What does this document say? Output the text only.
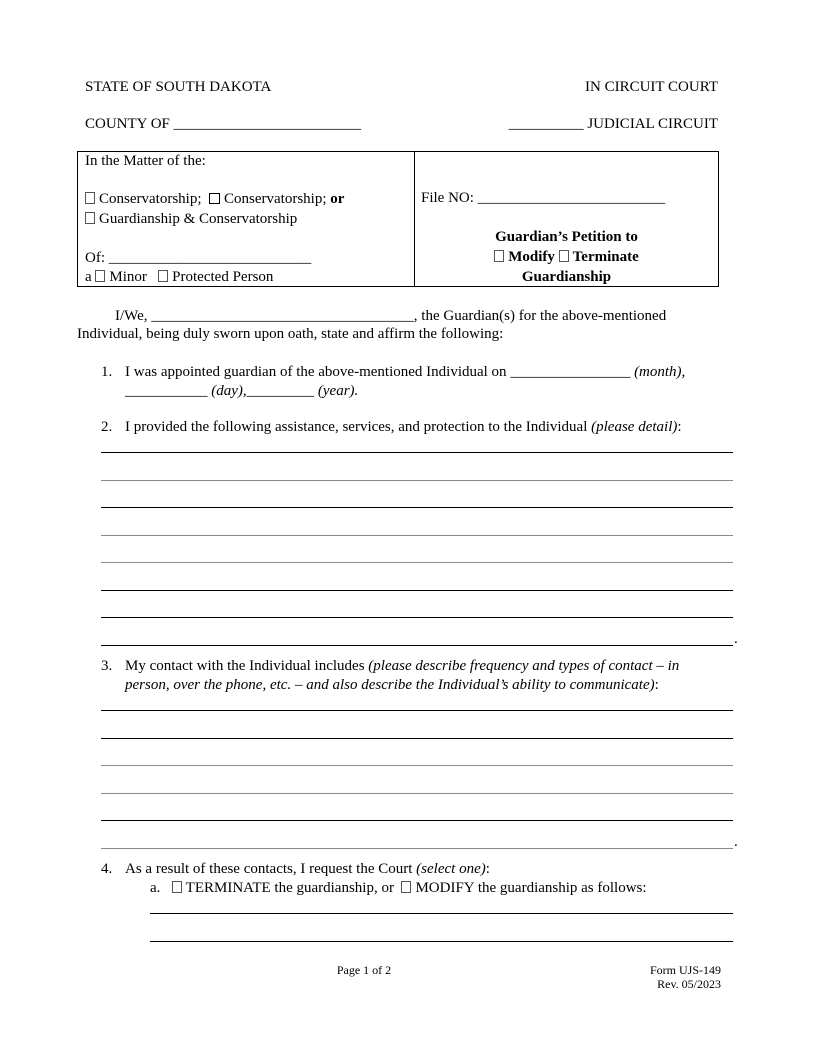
STATE OF SOUTH DAKOTA	IN CIRCUIT COURT
COUNTY OF _________________________	__________ JUDICIAL CIRCUIT
In the Matter of the:
Conservatorship; Conservatorship; or
Guardianship & Conservatorship
Of: ___________________________
a Minor Protected Person
File NO: _________________________
Guardian’s Petition to
Modify Terminate
Guardianship
I/We, ___________________________________, the Guardian(s) for the above-mentioned
Individual, being duly sworn upon oath, state and affirm the following:
1. I was appointed guardian of the above-mentioned Individual on ________________ (month),
___________ (day),_________ (year).
2. I provided the following assistance, services, and protection to the Individual (please detail):
.
3. My contact with the Individual includes (please describe frequency and types of contact – in
person, over the phone, etc. – and also describe the Individual’s ability to communicate):
.
4. As a result of these contacts, I request the Court (select one):
a. TERMINATE the guardianship, or MODIFY the guardianship as follows:
Page 1 of 2	Form UJS-149
Rev. 05/2023
